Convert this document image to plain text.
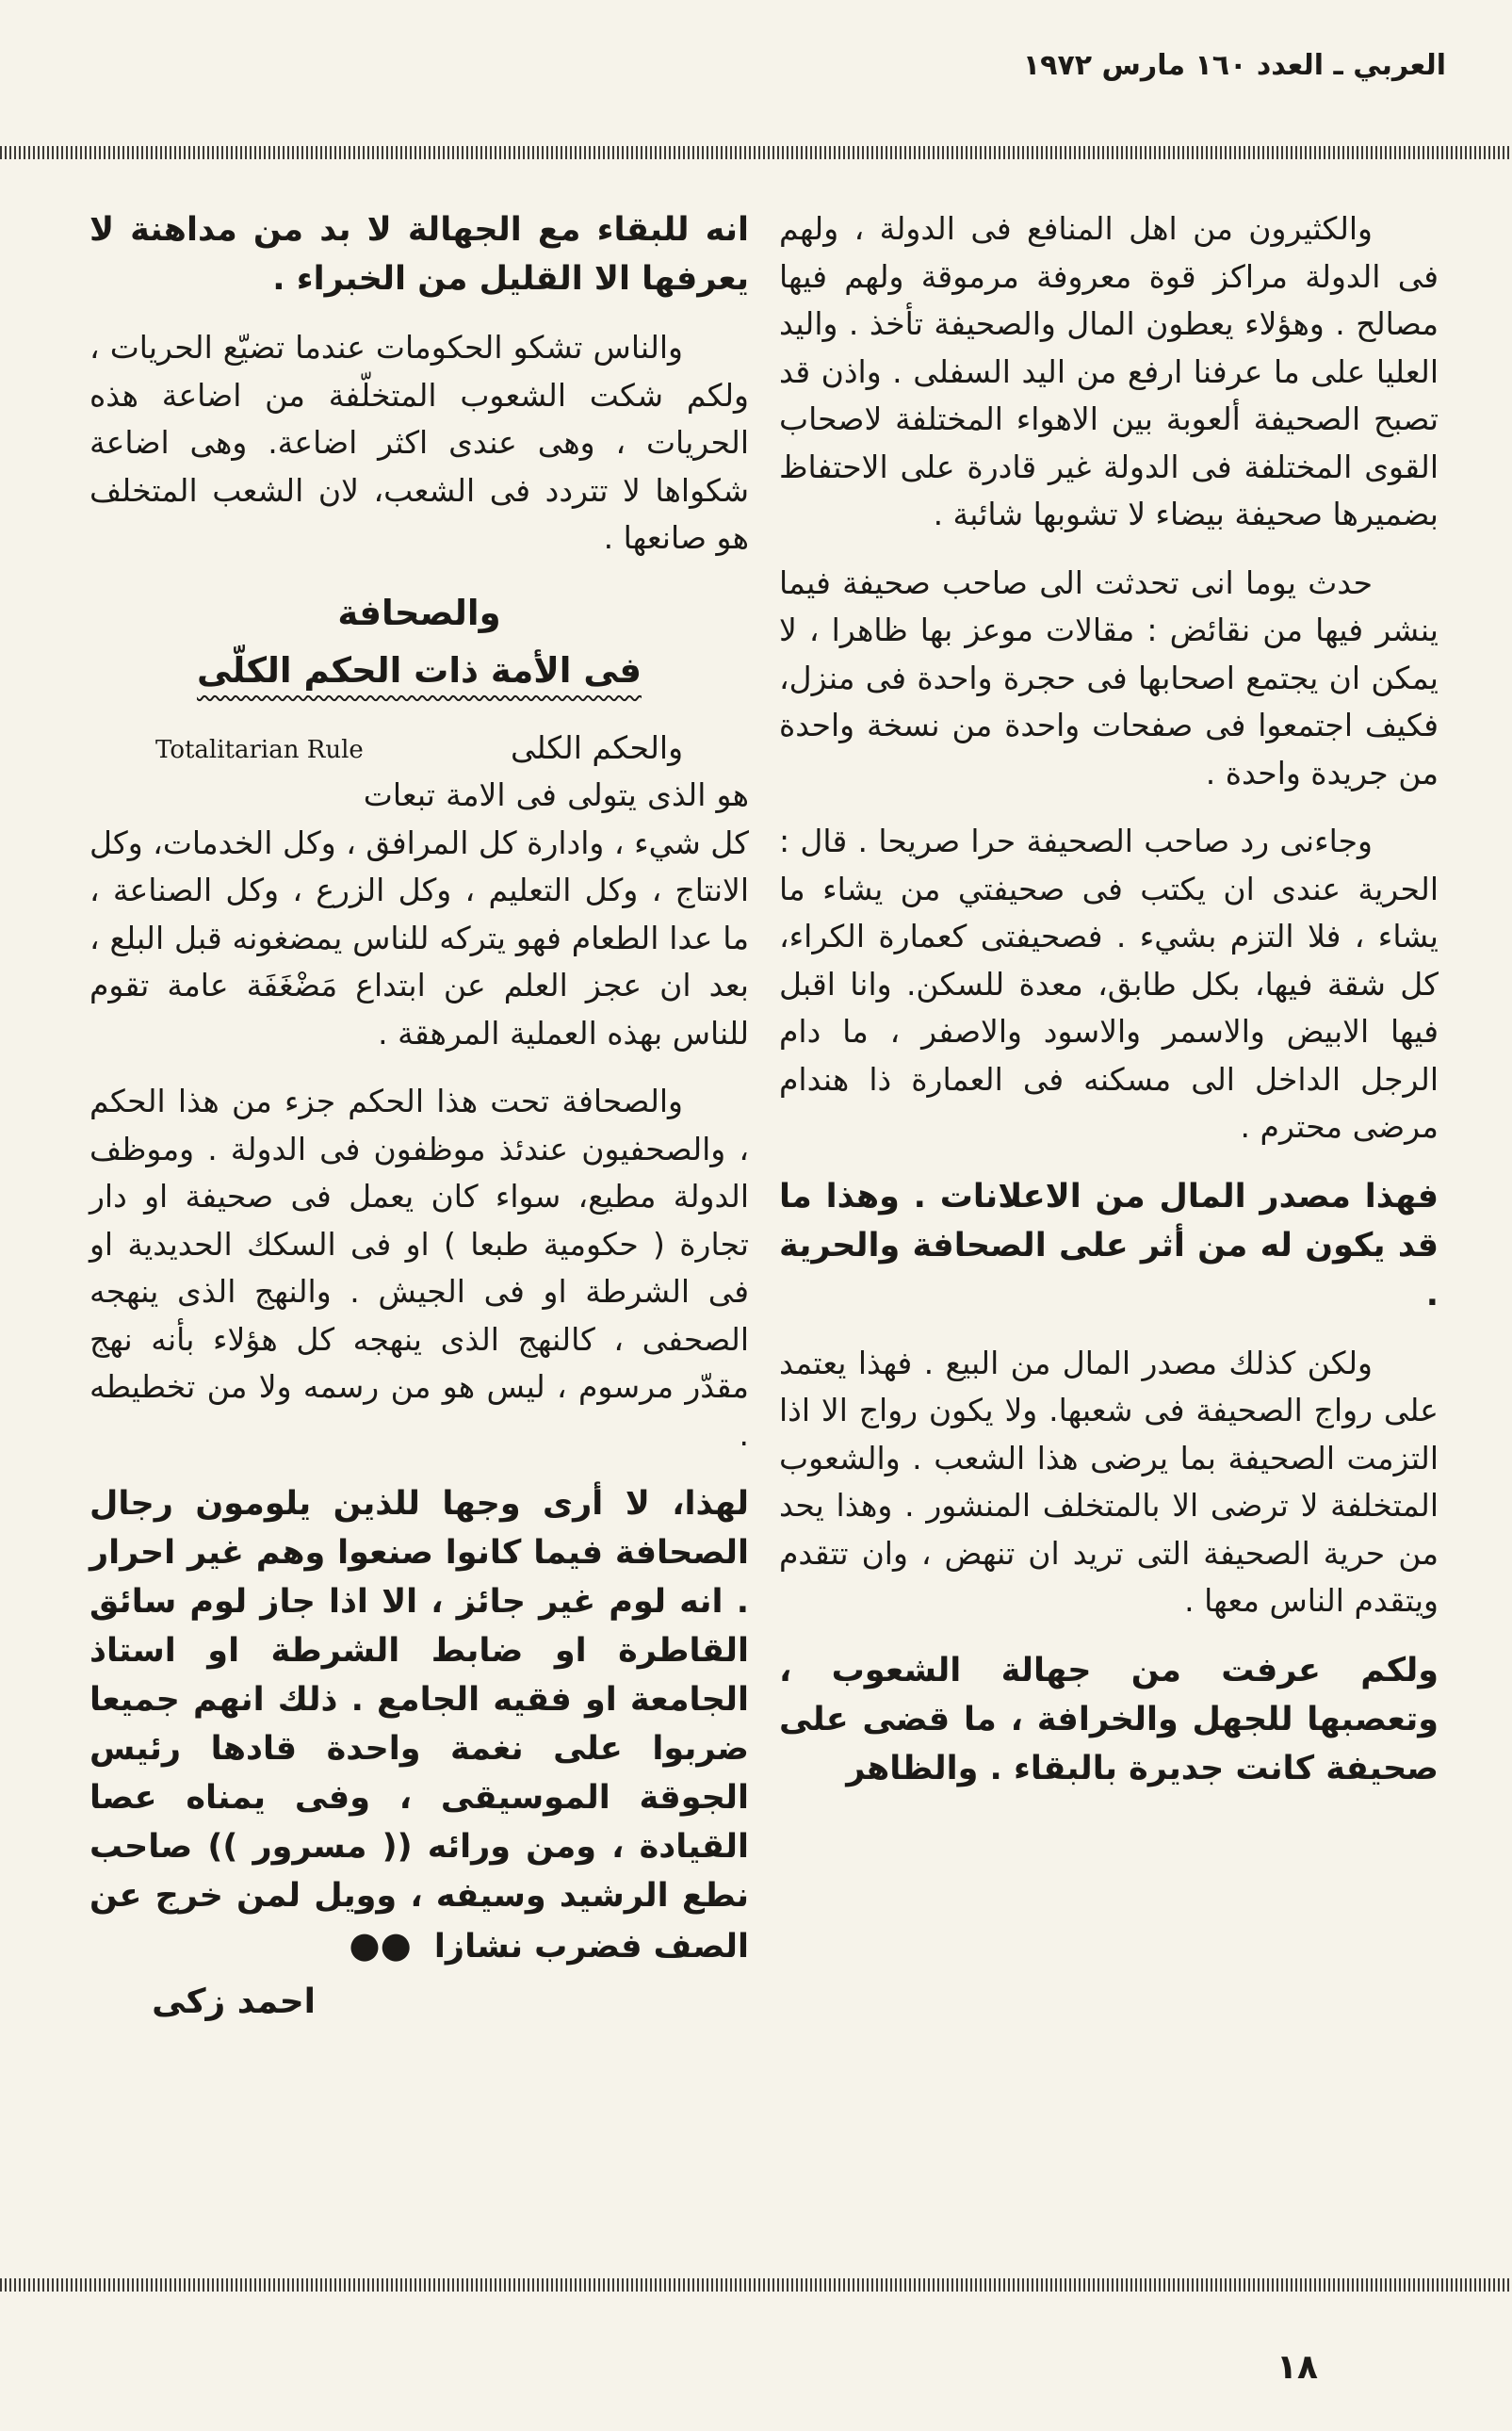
العربي ـ العدد ١٦٠ مارس ١٩٧٢

والكثيرون من اهل المنافع فى الدولة ، ولهم فى الدولة مراكز قوة معروفة مرموقة ولهم فيها مصالح . وهؤلاء يعطون المال والصحيفة تأخذ . واليد العليا على ما عرفنا ارفع من اليد السفلى . واذن قد تصبح الصحيفة ألعوبة بين الاهواء المختلفة لاصحاب القوى المختلفة فى الدولة غير قادرة على الاحتفاظ بضميرها صحيفة بيضاء لا تشوبها شائبة .

حدث يوما انى تحدثت الى صاحب صحيفة فيما ينشر فيها من نقائض : مقالات موعز بها ظاهرا ، لا يمكن ان يجتمع اصحابها فى حجرة واحدة فى منزل، فكيف اجتمعوا فى صفحات واحدة من نسخة واحدة من جريدة واحدة .

وجاءنى رد صاحب الصحيفة حرا صريحا . قال : الحرية عندى ان يكتب فى صحيفتي من يشاء ما يشاء ، فلا التزم بشيء . فصحيفتى كعمارة الكراء، كل شقة فيها، بكل طابق، معدة للسكن. وانا اقبل فيها الابيض والاسمر والاسود والاصفر ، ما دام الرجل الداخل الى مسكنه فى العمارة ذا هندام مرضى محترم .

فهذا مصدر المال من الاعلانات . وهذا ما قد يكون له من أثر على الصحافة والحرية .

ولكن كذلك مصدر المال من البيع . فهذا يعتمد على رواج الصحيفة فى شعبها. ولا يكون رواج الا اذا التزمت الصحيفة بما يرضى هذا الشعب . والشعوب المتخلفة لا ترضى الا بالمتخلف المنشور . وهذا يحد من حرية الصحيفة التى تريد ان تنهض ، وان تتقدم ويتقدم الناس معها .

ولكم عرفت من جهالة الشعوب ، وتعصبها للجهل والخرافة ، ما قضى على صحيفة كانت جديرة بالبقاء . والظاهر

انه للبقاء مع الجهالة لا بد من مداهنة لا يعرفها الا القليل من الخبراء .

والناس تشكو الحكومات عندما تضيّع الحريات ، ولكم شكت الشعوب المتخلّفة من اضاعة هذه الحريات ، وهى عندى اكثر اضاعة. وهى اضاعة شكواها لا تتردد فى الشعب، لان الشعب المتخلف هو صانعها .

والصحافة
فى الأمة ذات الحكم الكلّى

Totalitarian Rule	والحكم الكلى

هو الذى يتولى فى الامة تبعات كل شيء ، وادارة كل المرافق ، وكل الخدمات، وكل الانتاج ، وكل التعليم ، وكل الزرع ، وكل الصناعة ، ما عدا الطعام فهو يتركه للناس يمضغونه قبل البلع ، بعد ان عجز العلم عن ابتداع مَضْغَفَة عامة تقوم للناس بهذه العملية المرهقة .

والصحافة تحت هذا الحكم جزء من هذا الحكم ، والصحفيون عندئذ موظفون فى الدولة . وموظف الدولة مطيع، سواء كان يعمل فى صحيفة او دار تجارة ( حكومية طبعا ) او فى السكك الحديدية او فى الشرطة او فى الجيش . والنهج الذى ينهجه الصحفى ، كالنهج الذى ينهجه كل هؤلاء بأنه نهج مقدّر مرسوم ، ليس هو من رسمه ولا من تخطيطه .

لهذا، لا أرى وجها للذين يلومون رجال الصحافة فيما كانوا صنعوا وهم غير احرار . انه لوم غير جائز ، الا اذا جاز لوم سائق القاطرة او ضابط الشرطة او استاذ الجامعة او فقيه الجامع . ذلك انهم جميعا ضربوا على نغمة واحدة قادها رئيس الجوقة الموسيقى ، وفى يمناه عصا القيادة ، ومن ورائه (( مسرور )) صاحب نطع الرشيد وسيفه ، وويل لمن خرج عن الصف فضرب نشازا ●●

احمد زكى
١٨
